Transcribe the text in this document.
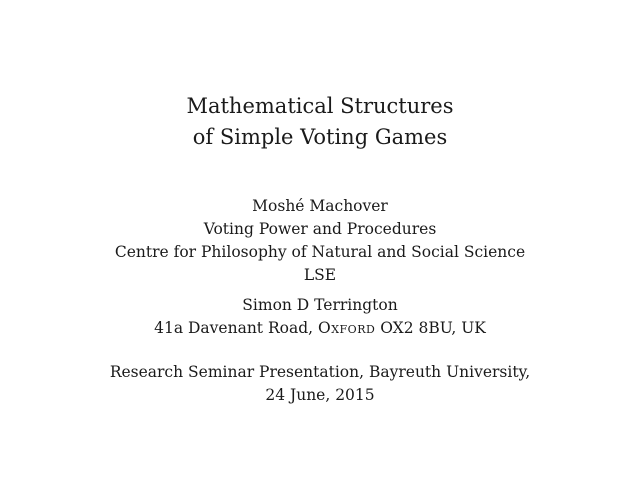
Mathematical Structures
of Simple Voting Games
Moshé Machover
Voting Power and Procedures
Centre for Philosophy of Natural and Social Science
LSE
Simon D Terrington
41a Davenant Road, Oxford OX2 8BU, UK
Research Seminar Presentation, Bayreuth University,
24 June, 2015
